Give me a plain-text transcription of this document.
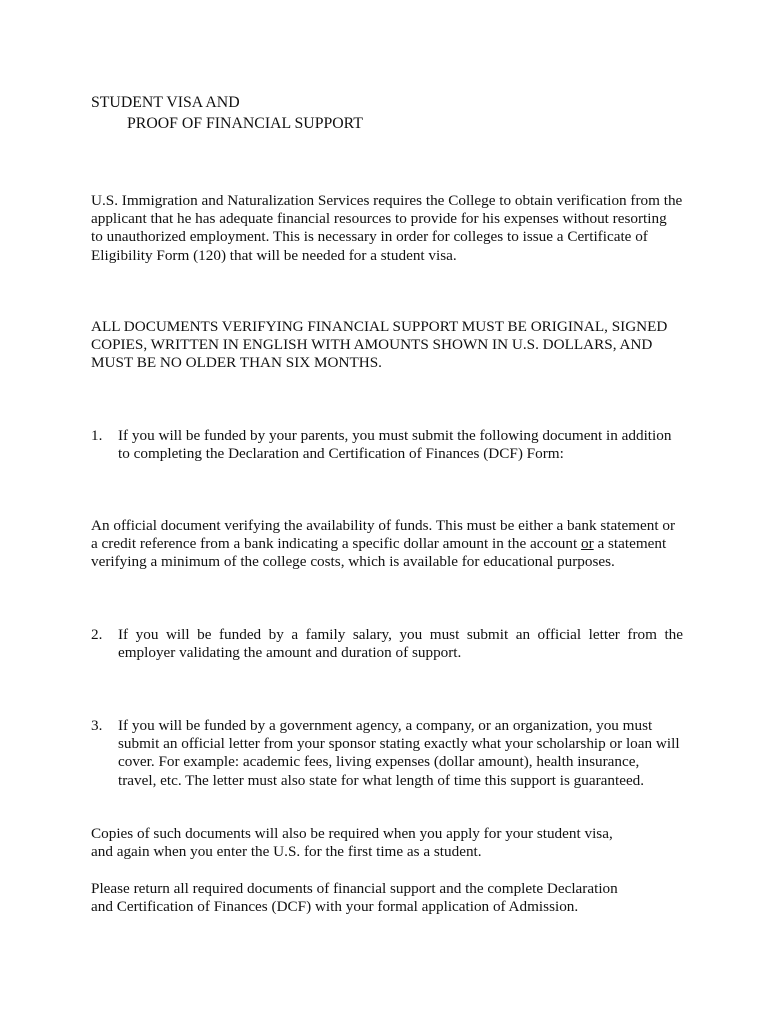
STUDENT VISA AND
PROOF OF FINANCIAL SUPPORT
U.S. Immigration and Naturalization Services requires the College to obtain verification from the
applicant that he has adequate financial resources to provide for his expenses without resorting
to unauthorized employment. This is necessary in order for colleges to issue a Certificate of
Eligibility Form (120) that will be needed for a student visa.
ALL DOCUMENTS VERIFYING FINANCIAL SUPPORT MUST BE ORIGINAL, SIGNED
COPIES, WRITTEN IN ENGLISH WITH AMOUNTS SHOWN IN U.S. DOLLARS, AND
MUST BE NO OLDER THAN SIX MONTHS.
1. If you will be funded by your parents, you must submit the following document in addition
to completing the Declaration and Certification of Finances (DCF) Form:
An official document verifying the availability of funds. This must be either a bank statement or
a credit reference from a bank indicating a specific dollar amount in the account or a statement
verifying a minimum of the college costs, which is available for educational purposes.
2. If you will be funded by a family salary, you must submit an official letter from the
employer validating the amount and duration of support.
3. If you will be funded by a government agency, a company, or an organization, you must
submit an official letter from your sponsor stating exactly what your scholarship or loan will
cover. For example: academic fees, living expenses (dollar amount), health insurance,
travel, etc. The letter must also state for what length of time this support is guaranteed.
Copies of such documents will also be required when you apply for your student visa,
and again when you enter the U.S. for the first time as a student.
Please return all required documents of financial support and the complete Declaration
and Certification of Finances (DCF) with your formal application of Admission.
